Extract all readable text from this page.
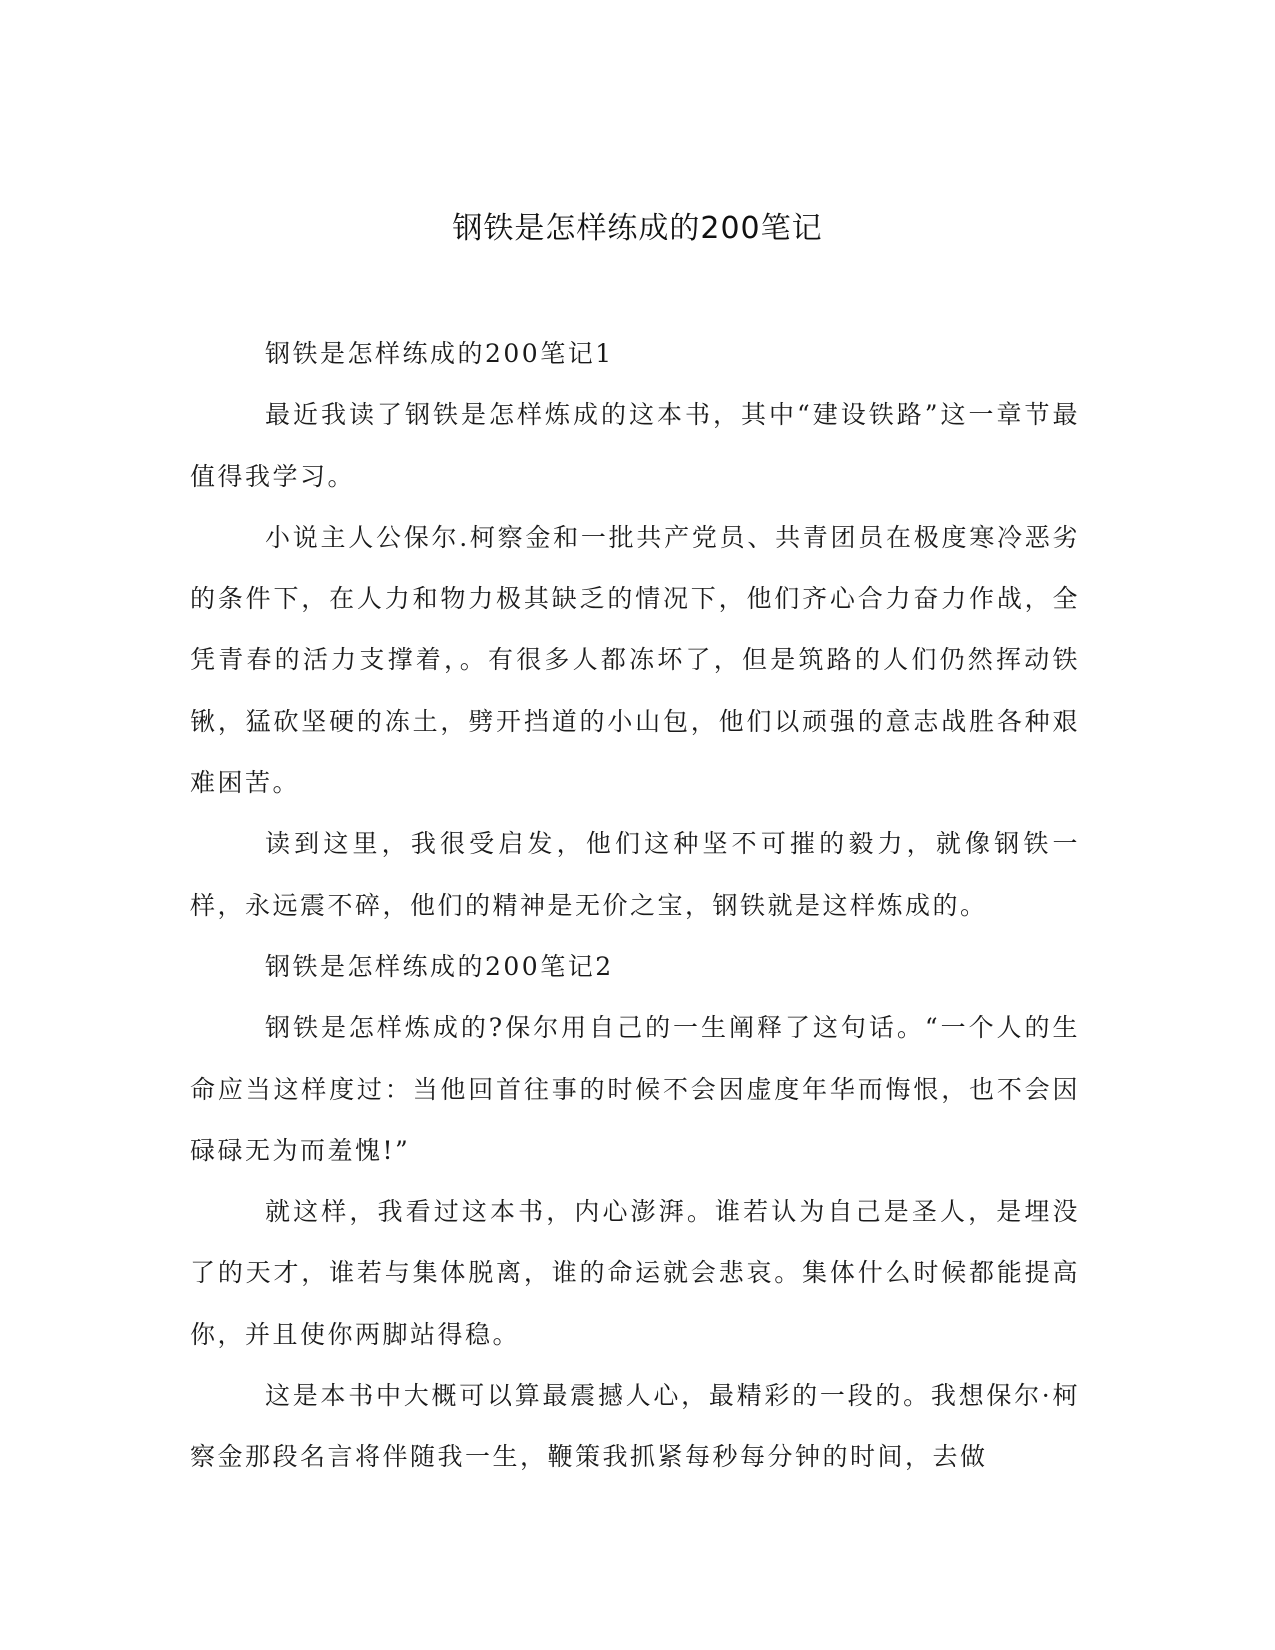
钢铁是怎样练成的200笔记

钢铁是怎样练成的200笔记1

最近我读了钢铁是怎样炼成的这本书，其中“建设铁路”这一章节最值得我学习。

小说主人公保尔.柯察金和一批共产党员、共青团员在极度寒冷恶劣的条件下，在人力和物力极其缺乏的情况下，他们齐心合力奋力作战，全凭青春的活力支撑着，。有很多人都冻坏了，但是筑路的人们仍然挥动铁锹，猛砍坚硬的冻土，劈开挡道的小山包，他们以顽强的意志战胜各种艰难困苦。

读到这里，我很受启发，他们这种坚不可摧的毅力，就像钢铁一样，永远震不碎，他们的精神是无价之宝，钢铁就是这样炼成的。

钢铁是怎样练成的200笔记2

钢铁是怎样炼成的?保尔用自己的一生阐释了这句话。“一个人的生命应当这样度过：当他回首往事的时候不会因虚度年华而悔恨，也不会因碌碌无为而羞愧!”

就这样，我看过这本书，内心澎湃。谁若认为自己是圣人，是埋没了的天才，谁若与集体脱离，谁的命运就会悲哀。集体什么时候都能提高你，并且使你两脚站得稳。

这是本书中大概可以算最震撼人心，最精彩的一段的。我想保尔·柯察金那段名言将伴随我一生，鞭策我抓紧每秒每分钟的时间，去做
